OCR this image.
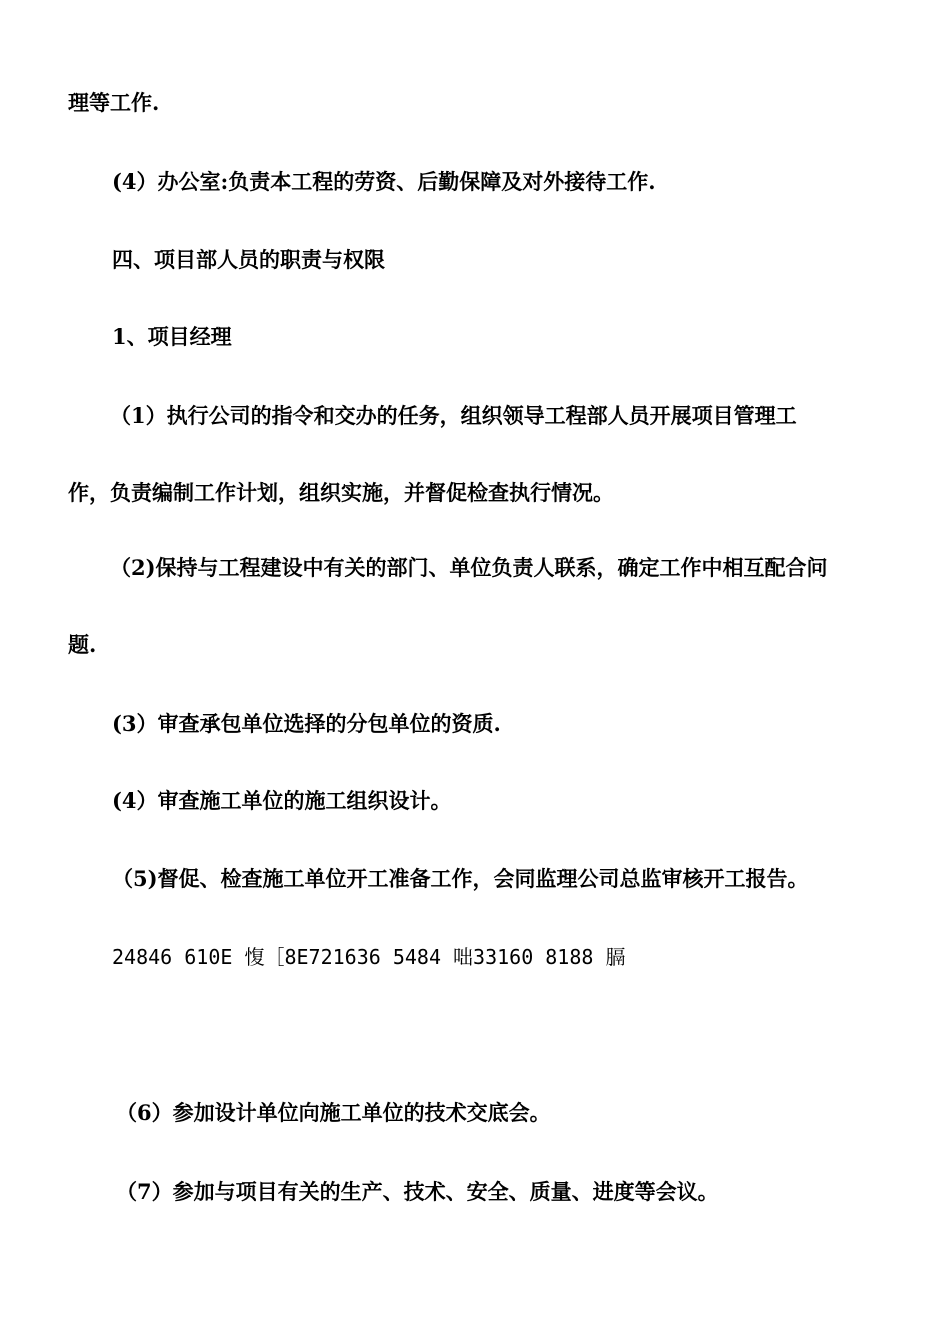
理等工作.
(4）办公室:负责本工程的劳资、后勤保障及对外接待工作.
四、项目部人员的职责与权限
1、项目经理
（1）执行公司的指令和交办的任务，组织领导工程部人员开展项目管理工
作，负责编制工作计划，组织实施，并督促检查执行情况。
（2)保持与工程建设中有关的部门、单位负责人联系，确定工作中相互配合问
题.
(3）审查承包单位选择的分包单位的资质.
(4）审查施工单位的施工组织设计。
（5)督促、检查施工单位开工准备工作，会同监理公司总监审核开工报告。
24846 610E 愎［8E721636 5484 咄33160 8188 膈
（6）参加设计单位向施工单位的技术交底会。
（7）参加与项目有关的生产、技术、安全、质量、进度等会议。
